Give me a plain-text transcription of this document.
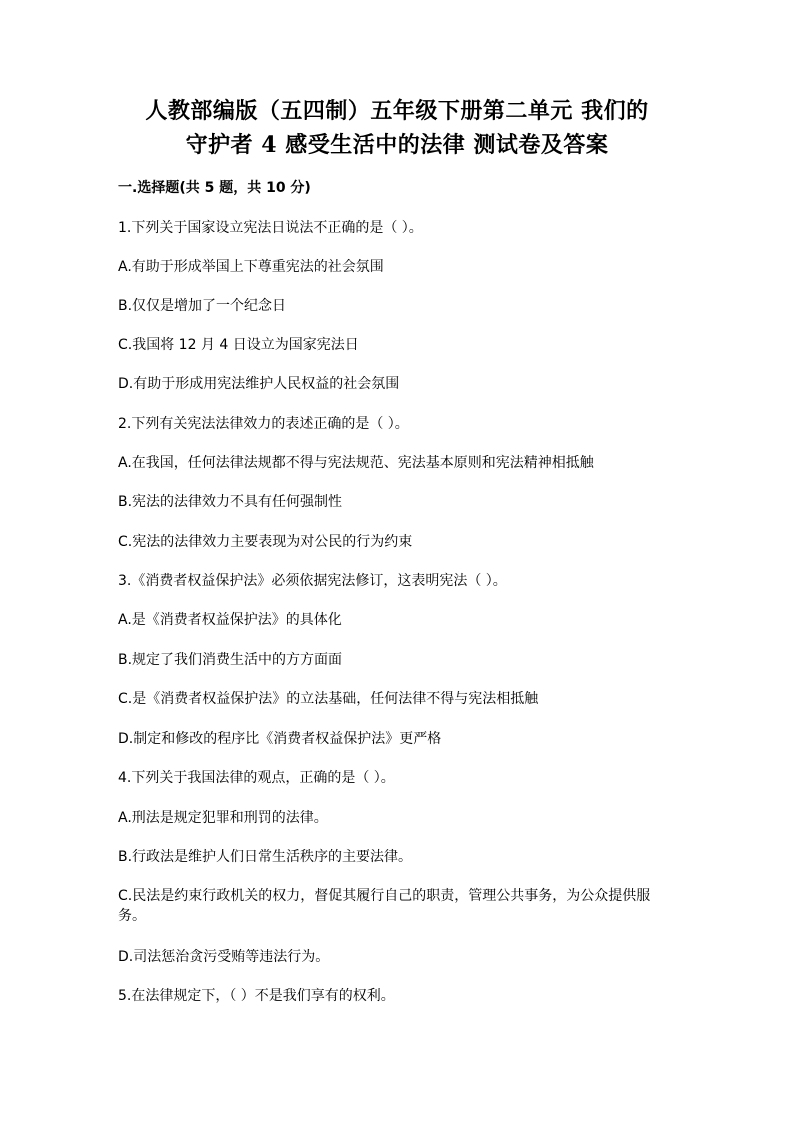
人教部编版（五四制）五年级下册第二单元 我们的
守护者 4 感受生活中的法律 测试卷及答案
一.选择题(共 5 题，共 10 分)
1.下列关于国家设立宪法日说法不正确的是（ ）。
A.有助于形成举国上下尊重宪法的社会氛围
B.仅仅是增加了一个纪念日
C.我国将 12 月 4 日设立为国家宪法日
D.有助于形成用宪法维护人民权益的社会氛围
2.下列有关宪法法律效力的表述正确的是（ ）。
A.在我国，任何法律法规都不得与宪法规范、宪法基本原则和宪法精神相抵触
B.宪法的法律效力不具有任何强制性
C.宪法的法律效力主要表现为对公民的行为约束
3.《消费者权益保护法》必须依据宪法修订，这表明宪法（ ）。
A.是《消费者权益保护法》的具体化
B.规定了我们消费生活中的方方面面
C.是《消费者权益保护法》的立法基础，任何法律不得与宪法相抵触
D.制定和修改的程序比《消费者权益保护法》更严格
4.下列关于我国法律的观点，正确的是（ ）。
A.刑法是规定犯罪和刑罚的法律。
B.行政法是维护人们日常生活秩序的主要法律。
C.民法是约束行政机关的权力，督促其履行自己的职责，管理公共事务，为公众提供服务。
D.司法惩治贪污受贿等违法行为。
5.在法律规定下，（ ）不是我们享有的权利。
